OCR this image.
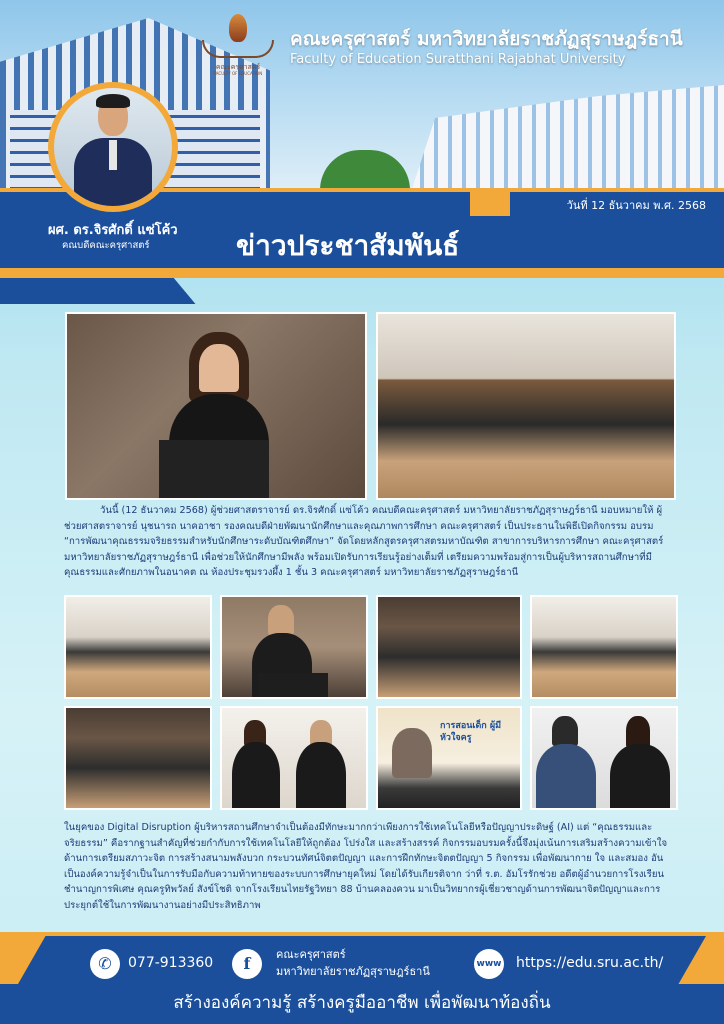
คณะครุศาสตร์
FACULTY OF EDUCATION
คณะครุศาสตร์ มหาวิทยาลัยราชภัฏสุราษฎร์ธานี
Faculty of Education Suratthani Rajabhat University
วันที่ 12 ธันวาคม พ.ศ. 2568
ผศ. ดร.จิรศักดิ์ แซ่โค้ว
คณบดีคณะครุศาสตร์	ข่าวประชาสัมพันธ์
วันนี้ (12 ธันวาคม 2568) ผู้ช่วยศาสตราจารย์ ดร.จิรศักดิ์ แซ่โค้ว คณบดีคณะครุศาสตร์ มหาวิทยาลัยราชภัฏสุราษฎร์ธานี มอบหมายให้ ผู้ช่วยศาสตราจารย์ นุชนารถ นาคอาชา รองคณบดีฝ่ายพัฒนานักศึกษาและคุณภาพการศึกษา คณะครุศาสตร์ เป็นประธานในพิธีเปิดกิจกรรม อบรม “การพัฒนาคุณธรรมจริยธรรมสำหรับนักศึกษาระดับบัณฑิตศึกษา” จัดโดยหลักสูตรครุศาสตรมหาบัณฑิต สาขาการบริหารการศึกษา คณะครุศาสตร์ มหาวิทยาลัยราชภัฏสุราษฎร์ธานี เพื่อช่วยให้นักศึกษามีพลัง พร้อมเปิดรับการเรียนรู้อย่างเต็มที่ เตรียมความพร้อมสู่การเป็นผู้บริหารสถานศึกษาที่มีคุณธรรมและศักยภาพในอนาคต ณ ห้องประชุมรวงผึ้ง 1 ชั้น 3 คณะครุศาสตร์ มหาวิทยาลัยราชภัฏสุราษฎร์ธานี
การสอนเด็ก ผู้มีหัวใจครู
ในยุคของ Digital Disruption ผู้บริหารสถานศึกษาจำเป็นต้องมีทักษะมากกว่าเพียงการใช้เทคโนโลยีหรือปัญญาประดิษฐ์ (AI) แต่ “คุณธรรมและจริยธรรม” คือรากฐานสำคัญที่ช่วยกำกับการใช้เทคโนโลยีให้ถูกต้อง โปร่งใส และสร้างสรรค์ กิจกรรมอบรมครั้งนี้จึงมุ่งเน้นการเสริมสร้างความเข้าใจด้านการเตรียมสภาวะจิต การสร้างสนามพลังบวก กระบวนทัศน์จิตตปัญญา และการฝึกทักษะจิตตปัญญา 5 กิจกรรม เพื่อพัฒนากาย ใจ และสมอง อันเป็นองค์ความรู้จำเป็นในการรับมือกับความท้าทายของระบบการศึกษายุคใหม่ โดยได้รับเกียรติจาก ว่าที่ ร.ต. อัมโรรักช่วย อดีตผู้อำนวยการโรงเรียนชำนาญการพิเศษ คุณครูทิพวัลย์ สังข์โชติ จากโรงเรียนไทยรัฐวิทยา 88 บ้านคลองควน มาเป็นวิทยากรผู้เชี่ยวชาญด้านการพัฒนาจิตปัญญาและการประยุกต์ใช้ในการพัฒนางานอย่างมีประสิทธิภาพ
✆	077-913360	f	คณะครุศาสตร์
มหาวิทยาลัยราชภัฏสุราษฎร์ธานี
www https://edu.sru.ac.th/
สร้างองค์ความรู้ สร้างครูมืออาชีพ เพื่อพัฒนาท้องถิ่น
